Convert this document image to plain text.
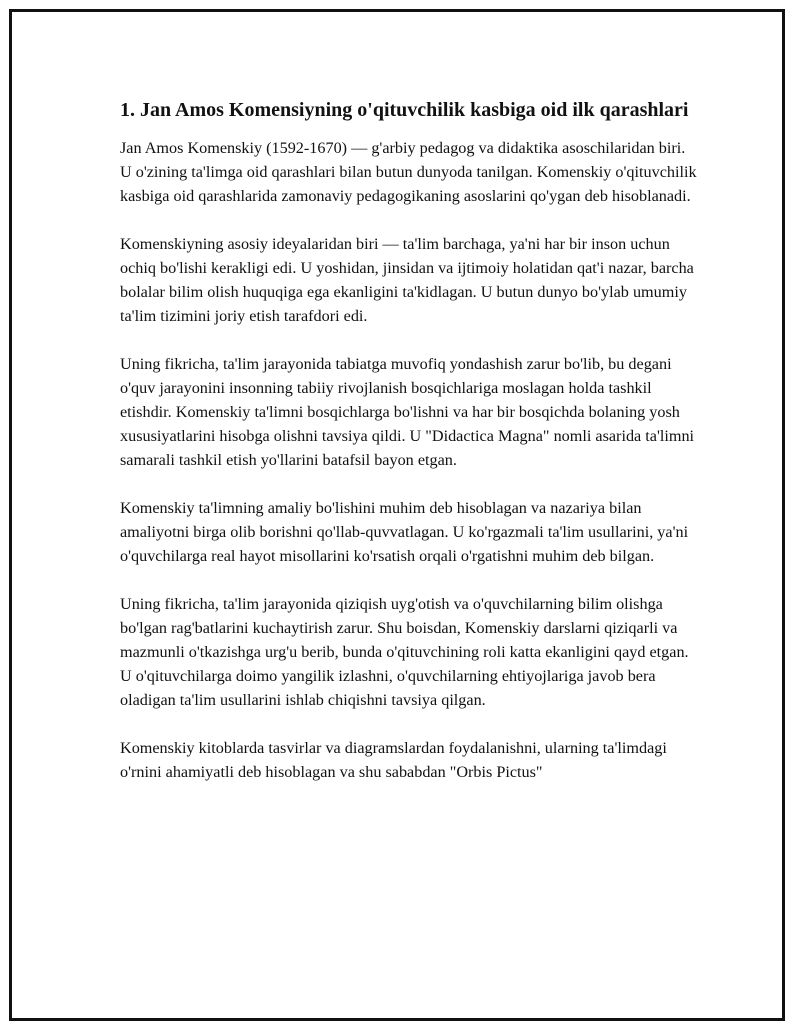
1. Jan Amos Komensiyning o'qituvchilik kasbiga oid ilk qarashlari

Jan Amos Komenskiy (1592-1670) — g'arbiy pedagog va didaktika asoschilaridan biri. U o'zining ta'limga oid qarashlari bilan butun dunyoda tanilgan. Komenskiy o'qituvchilik kasbiga oid qarashlarida zamonaviy pedagogikaning asoslarini qo'ygan deb hisoblanadi.

Komenskiyning asosiy ideyalaridan biri — ta'lim barchaga, ya'ni har bir inson uchun ochiq bo'lishi kerakligi edi. U yoshidan, jinsidan va ijtimoiy holatidan qat'i nazar, barcha bolalar bilim olish huquqiga ega ekanligini ta'kidlagan. U butun dunyo bo'ylab umumiy ta'lim tizimini joriy etish tarafdori edi.

Uning fikricha, ta'lim jarayonida tabiatga muvofiq yondashish zarur bo'lib, bu degani o'quv jarayonini insonning tabiiy rivojlanish bosqichlariga moslagan holda tashkil etishdir. Komenskiy ta'limni bosqichlarga bo'lishni va har bir bosqichda bolaning yosh xususiyatlarini hisobga olishni tavsiya qildi. U "Didactica Magna" nomli asarida ta'limni samarali tashkil etish yo'llarini batafsil bayon etgan.

Komenskiy ta'limning amaliy bo'lishini muhim deb hisoblagan va nazariya bilan amaliyotni birga olib borishni qo'llab-quvvatlagan. U ko'rgazmali ta'lim usullarini, ya'ni o'quvchilarga real hayot misollarini ko'rsatish orqali o'rgatishni muhim deb bilgan.

Uning fikricha, ta'lim jarayonida qiziqish uyg'otish va o'quvchilarning bilim olishga bo'lgan rag'batlarini kuchaytirish zarur. Shu boisdan, Komenskiy darslarni qiziqarli va mazmunli o'tkazishga urg'u berib, bunda o'qituvchining roli katta ekanligini qayd etgan. U o'qituvchilarga doimo yangilik izlashni, o'quvchilarning ehtiyojlariga javob bera oladigan ta'lim usullarini ishlab chiqishni tavsiya qilgan.

Komenskiy kitoblarda tasvirlar va diagramslardan foydalanishni, ularning ta'limdagi o'rnini ahamiyatli deb hisoblagan va shu sababdan "Orbis Pictus"
